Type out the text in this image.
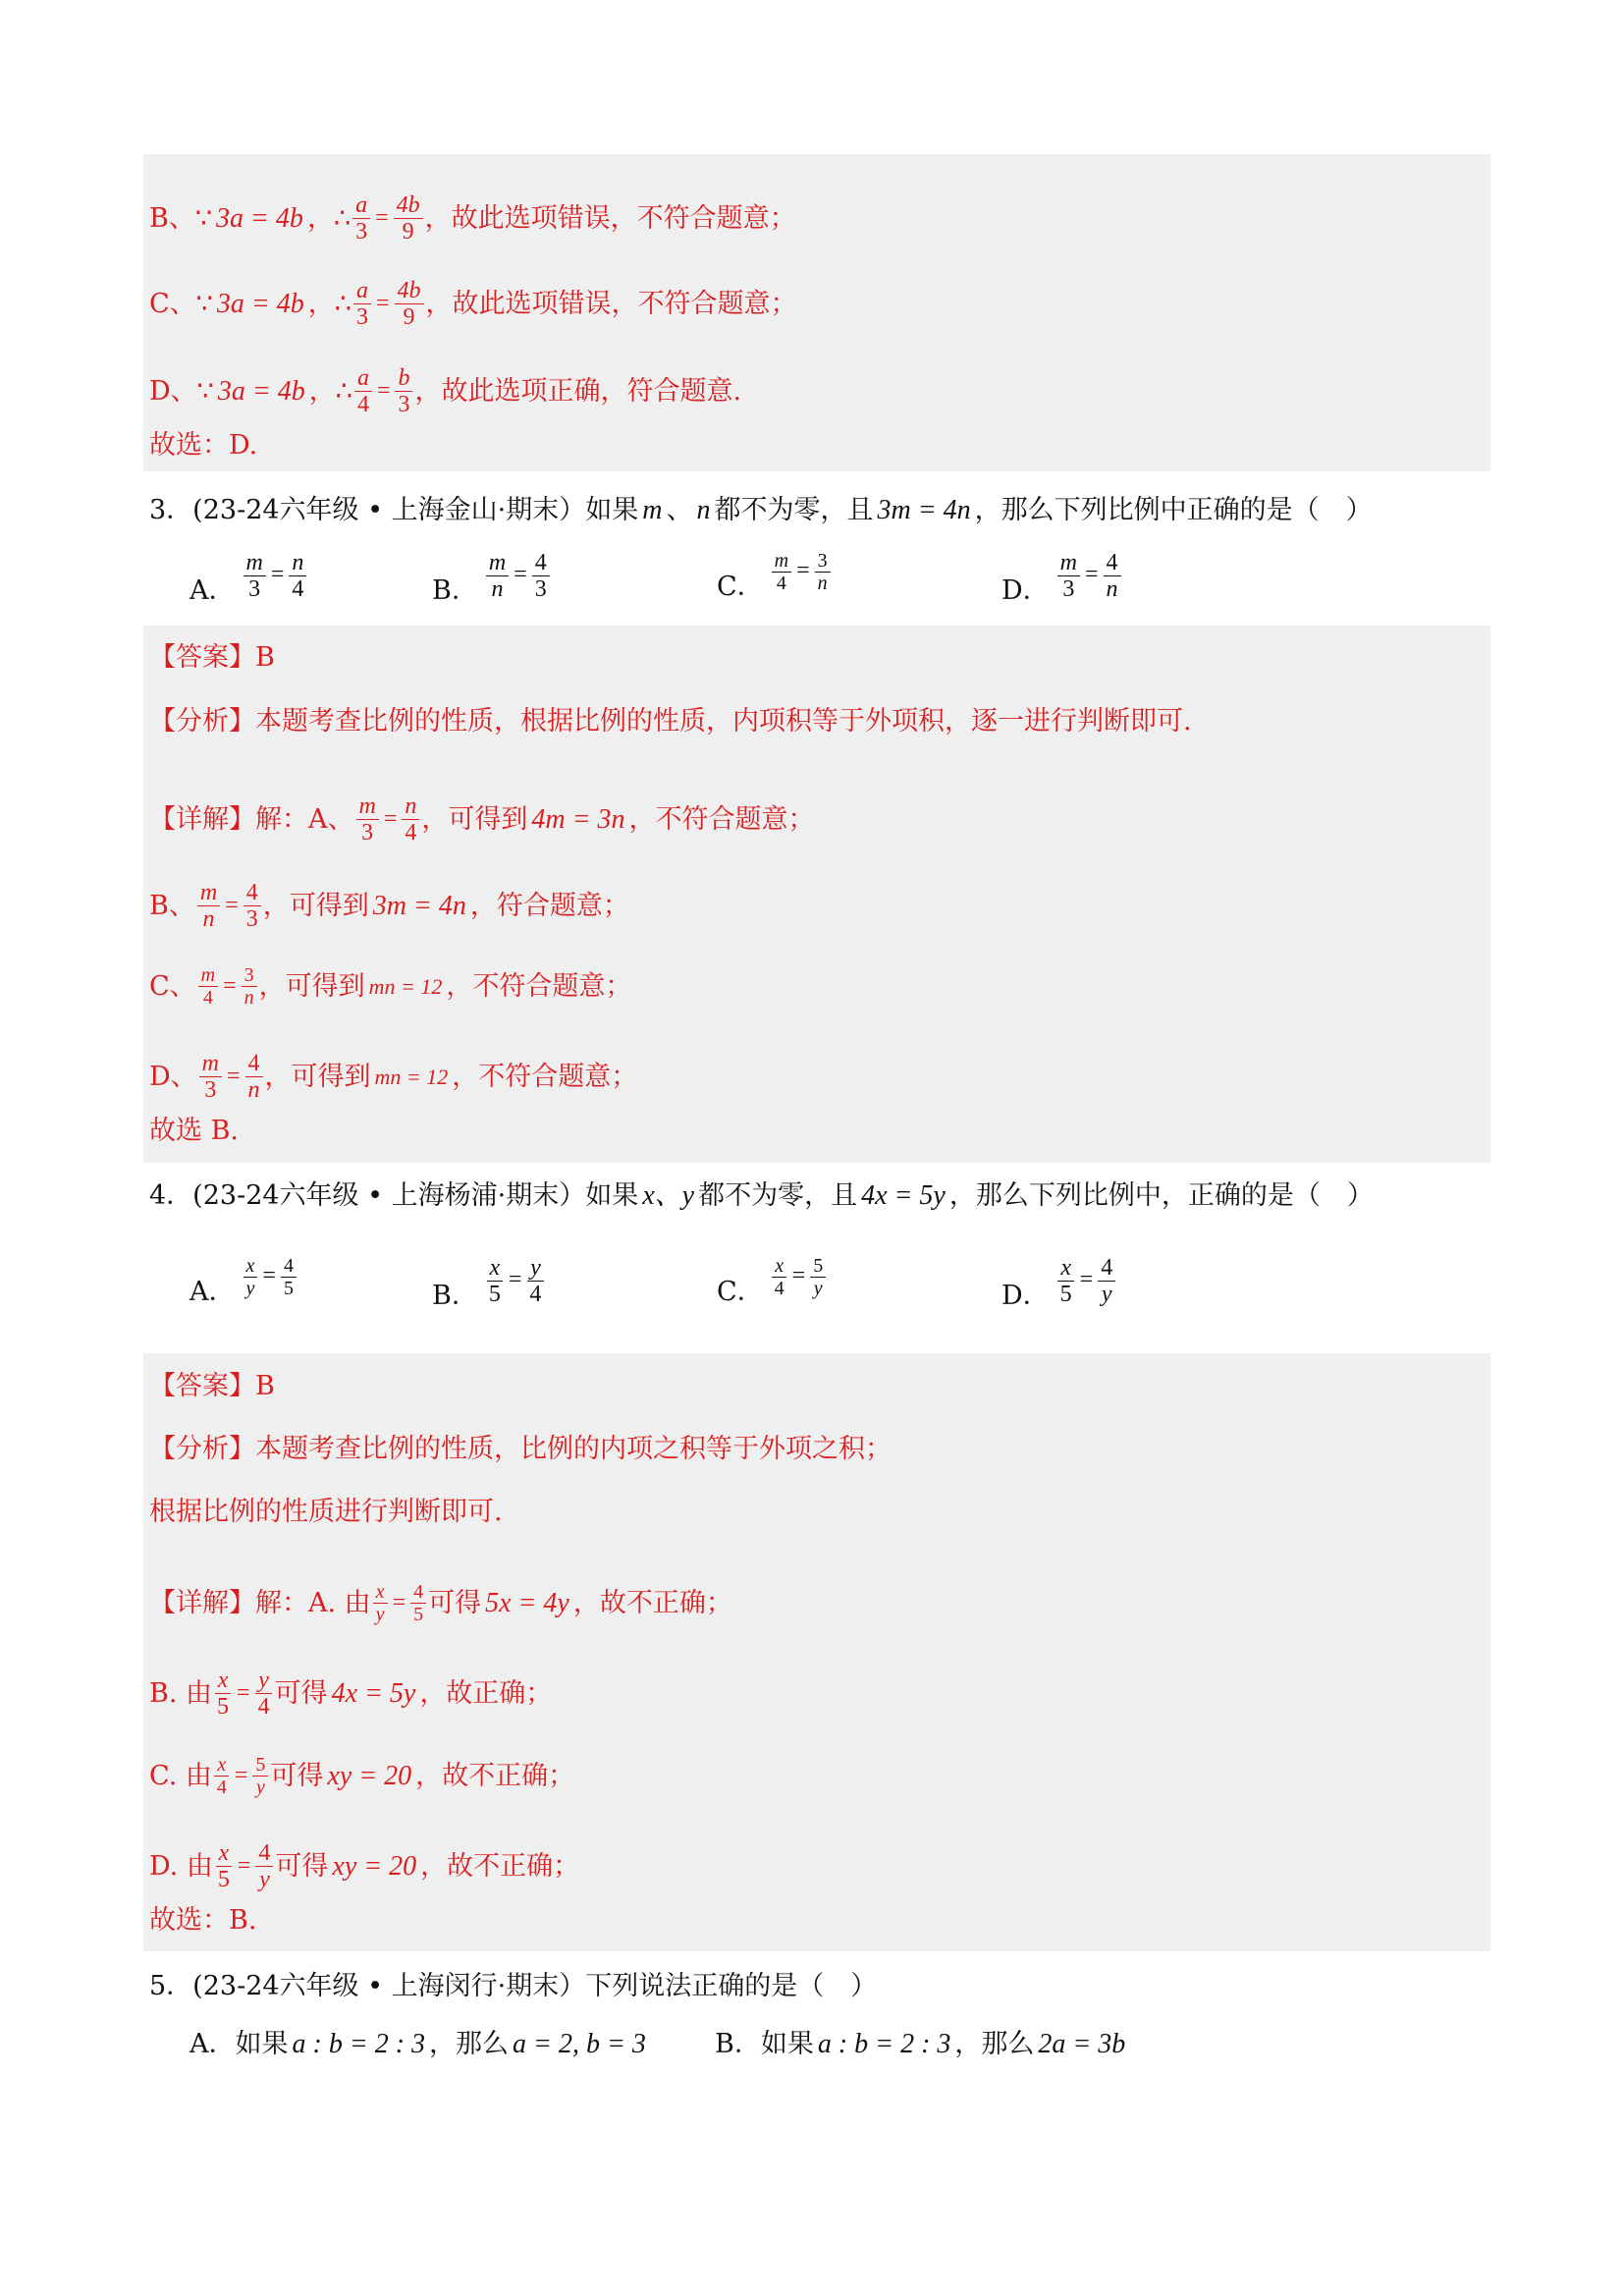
B、 ∵ 3a = 4b ， ∴ $\frac{a}{3} = \frac{4b}{9}$ ，故此选项错误，不符合题意；
C、 ∵ 3a = 4b ， ∴ $\frac{a}{3} = \frac{4b}{9}$ ，故此选项错误，不符合题意；
D、 ∵ 3a = 4b ， ∴ $\frac{a}{4} = \frac{b}{3}$ ，故此选项正确，符合题意.
故选：D.
3．(23-24六年级 • 上海金山·期末）如果 m 、 n 都不为零，且 3m = 4n ，那么下列比例中正确的是（　）
A． $\frac{m}{3} = \frac{n}{4}$	B． $\frac{m}{n} = \frac{4}{3}$	C． $\frac{m}{4} = \frac{3}{n}$	D． $\frac{m}{3} = \frac{4}{n}$
【答案】B
【分析】本题考查比例的性质，根据比例的性质，内项积等于外项积，逐一进行判断即可.
【详解】解：A、 $\frac{m}{3} = \frac{n}{4}$ ，可得到 4m = 3n ，不符合题意；
B、 $\frac{m}{n} = \frac{4}{3}$ ，可得到 3m = 4n ，符合题意；
C、 $\frac{m}{4} = \frac{3}{n}$ ，可得到 mn = 12 ，不符合题意；
D、 $\frac{m}{3} = \frac{4}{n}$ ，可得到 mn = 12 ，不符合题意；
故选 B.
4．(23-24六年级 • 上海杨浦·期末）如果 x、y 都不为零，且 4x = 5y ，那么下列比例中，正确的是（　）
A． $\frac{x}{y} = \frac{4}{5}$	B． $\frac{x}{5} = \frac{y}{4}$	C． $\frac{x}{4} = \frac{5}{y}$	D． $\frac{x}{5} = \frac{4}{y}$
【答案】B
【分析】本题考查比例的性质，比例的内项之积等于外项之积；
根据比例的性质进行判断即可.
【详解】解：A. 由 $\frac{x}{y} = \frac{4}{5}$ 可得 5x = 4y ，故不正确；
B. 由 $\frac{x}{5} = \frac{y}{4}$ 可得 4x = 5y ，故正确；
C. 由 $\frac{x}{4} = \frac{5}{y}$ 可得 xy = 20 ，故不正确；
D. 由 $\frac{x}{5} = \frac{4}{y}$ 可得 xy = 20 ，故不正确；
故选：B.
5．(23-24六年级 • 上海闵行·期末）下列说法正确的是（　）
A．如果 a : b = 2 : 3 ，那么 a = 2, b = 3	B．如果 a : b = 2 : 3 ，那么 2a = 3b
